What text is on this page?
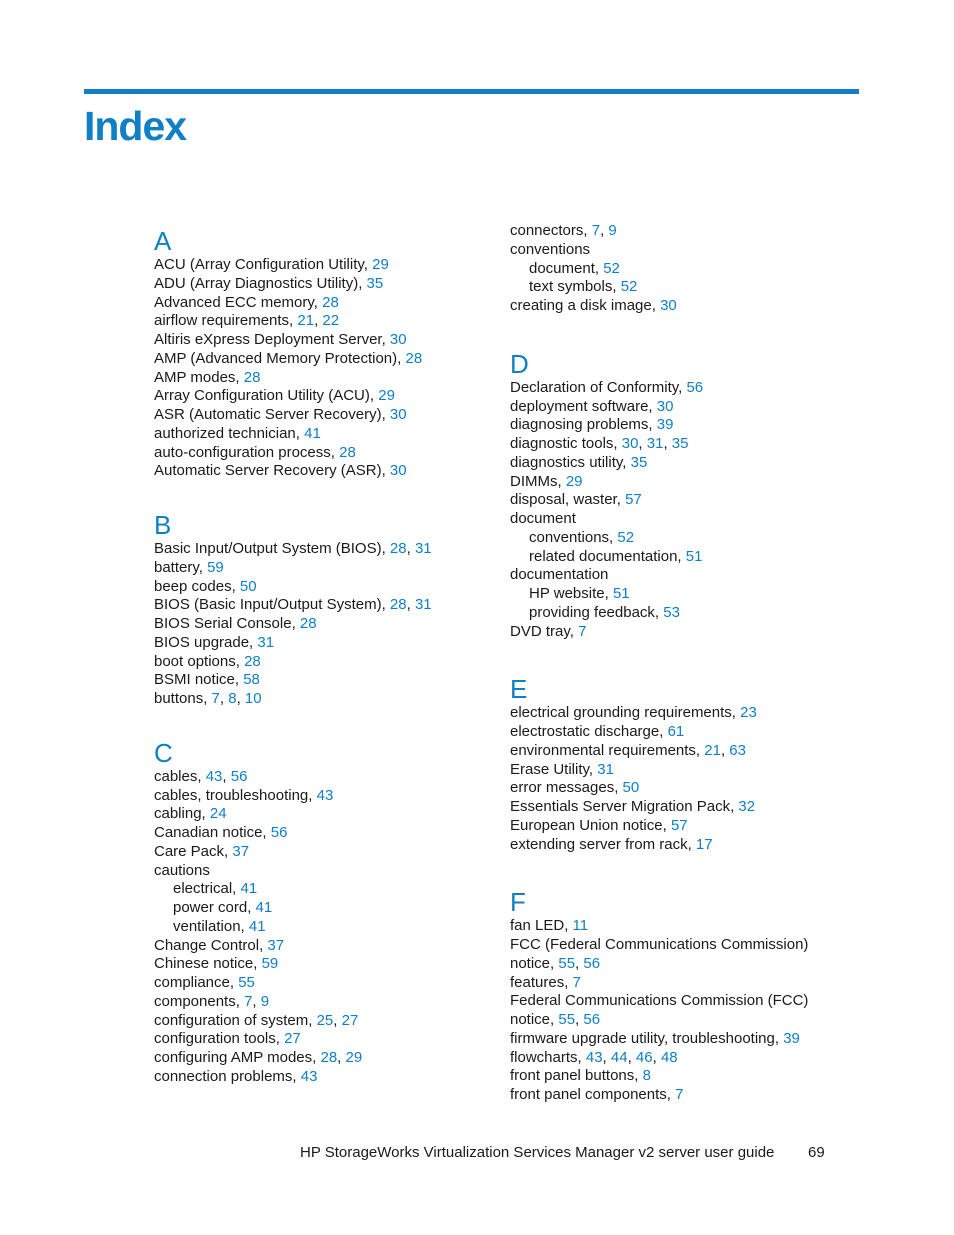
Index
A
ACU (Array Configuration Utility, 29
ADU (Array Diagnostics Utility), 35
Advanced ECC memory, 28
airflow requirements, 21, 22
Altiris eXpress Deployment Server, 30
AMP (Advanced Memory Protection), 28
AMP modes, 28
Array Configuration Utility (ACU), 29
ASR (Automatic Server Recovery), 30
authorized technician, 41
auto-configuration process, 28
Automatic Server Recovery (ASR), 30
B
Basic Input/Output System (BIOS), 28, 31
battery, 59
beep codes, 50
BIOS (Basic Input/Output System), 28, 31
BIOS Serial Console, 28
BIOS upgrade, 31
boot options, 28
BSMI notice, 58
buttons, 7, 8, 10
C
cables, 43, 56
cables, troubleshooting, 43
cabling, 24
Canadian notice, 56
Care Pack, 37
cautions
electrical, 41
power cord, 41
ventilation, 41
Change Control, 37
Chinese notice, 59
compliance, 55
components, 7, 9
configuration of system, 25, 27
configuration tools, 27
configuring AMP modes, 28, 29
connection problems, 43
connectors, 7, 9
conventions
document, 52
text symbols, 52
creating a disk image, 30
D
Declaration of Conformity, 56
deployment software, 30
diagnosing problems, 39
diagnostic tools, 30, 31, 35
diagnostics utility, 35
DIMMs, 29
disposal, waster, 57
document
conventions, 52
related documentation, 51
documentation
HP website, 51
providing feedback, 53
DVD tray, 7
E
electrical grounding requirements, 23
electrostatic discharge, 61
environmental requirements, 21, 63
Erase Utility, 31
error messages, 50
Essentials Server Migration Pack, 32
European Union notice, 57
extending server from rack, 17
F
fan LED, 11
FCC (Federal Communications Commission)
notice, 55, 56
features, 7
Federal Communications Commission (FCC)
notice, 55, 56
firmware upgrade utility, troubleshooting, 39
flowcharts, 43, 44, 46, 48
front panel buttons, 8
front panel components, 7
HP StorageWorks Virtualization Services Manager v2 server user guide 69
